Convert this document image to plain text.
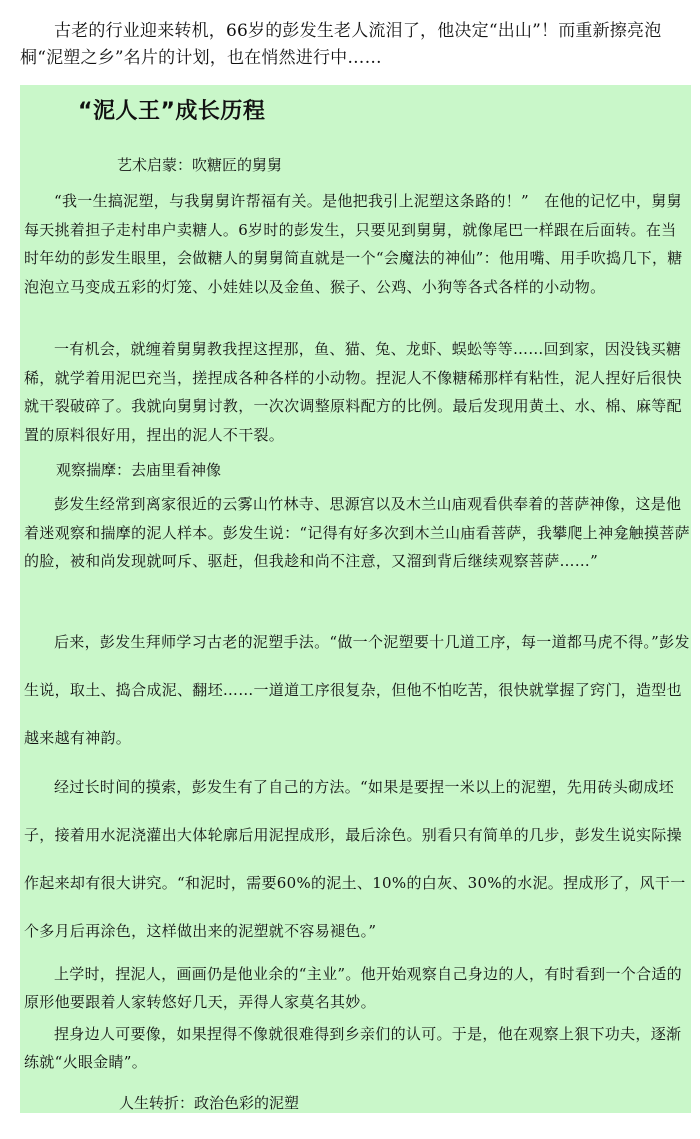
古老的行业迎来转机，66岁的彭发生老人流泪了，他决定“出山”！而重新擦亮泡桐“泥塑之乡”名片的计划，也在悄然进行中……

“泥人王”成长历程
艺术启蒙：吹糖匠的舅舅

“我一生搞泥塑，与我舅舅许帮福有关。是他把我引上泥塑这条路的！”　在他的记忆中，舅舅每天挑着担子走村串户卖糖人。6岁时的彭发生，只要见到舅舅，就像尾巴一样跟在后面转。在当时年幼的彭发生眼里，会做糖人的舅舅简直就是一个“会魔法的神仙”：他用嘴、用手吹捣几下，糖泡泡立马变成五彩的灯笼、小娃娃以及金鱼、猴子、公鸡、小狗等各式各样的小动物。

一有机会，就缠着舅舅教我捏这捏那，鱼、猫、兔、龙虾、蜈蚣等等……回到家，因没钱买糖稀，就学着用泥巴充当，搓捏成各种各样的小动物。捏泥人不像糖稀那样有粘性，泥人捏好后很快就干裂破碎了。我就向舅舅讨教，一次次调整原料配方的比例。最后发现用黄土、水、棉、麻等配置的原料很好用，捏出的泥人不干裂。

观察揣摩：去庙里看神像

彭发生经常到离家很近的云雾山竹林寺、思源宫以及木兰山庙观看供奉着的菩萨神像，这是他着迷观察和揣摩的泥人样本。彭发生说：“记得有好多次到木兰山庙看菩萨，我攀爬上神龛触摸菩萨的脸，被和尚发现就呵斥、驱赶，但我趁和尚不注意，又溜到背后继续观察菩萨……”

后来，彭发生拜师学习古老的泥塑手法。“做一个泥塑要十几道工序，每一道都马虎不得。”彭发生说，取土、捣合成泥、翻坯……一道道工序很复杂，但他不怕吃苦，很快就掌握了窍门，造型也越来越有神韵。

经过长时间的摸索，彭发生有了自己的方法。“如果是要捏一米以上的泥塑，先用砖头砌成坯子，接着用水泥浇灌出大体轮廓后用泥捏成形，最后涂色。别看只有简单的几步，彭发生说实际操作起来却有很大讲究。“和泥时，需要60%的泥土、10%的白灰、30%的水泥。捏成形了，风干一个多月后再涂色，这样做出来的泥塑就不容易褪色。”

上学时，捏泥人，画画仍是他业余的“主业”。他开始观察自己身边的人，有时看到一个合适的原形他要跟着人家转悠好几天，弄得人家莫名其妙。

捏身边人可要像，如果捏得不像就很难得到乡亲们的认可。于是，他在观察上狠下功夫，逐渐练就“火眼金睛”。

人生转折：政治色彩的泥塑
